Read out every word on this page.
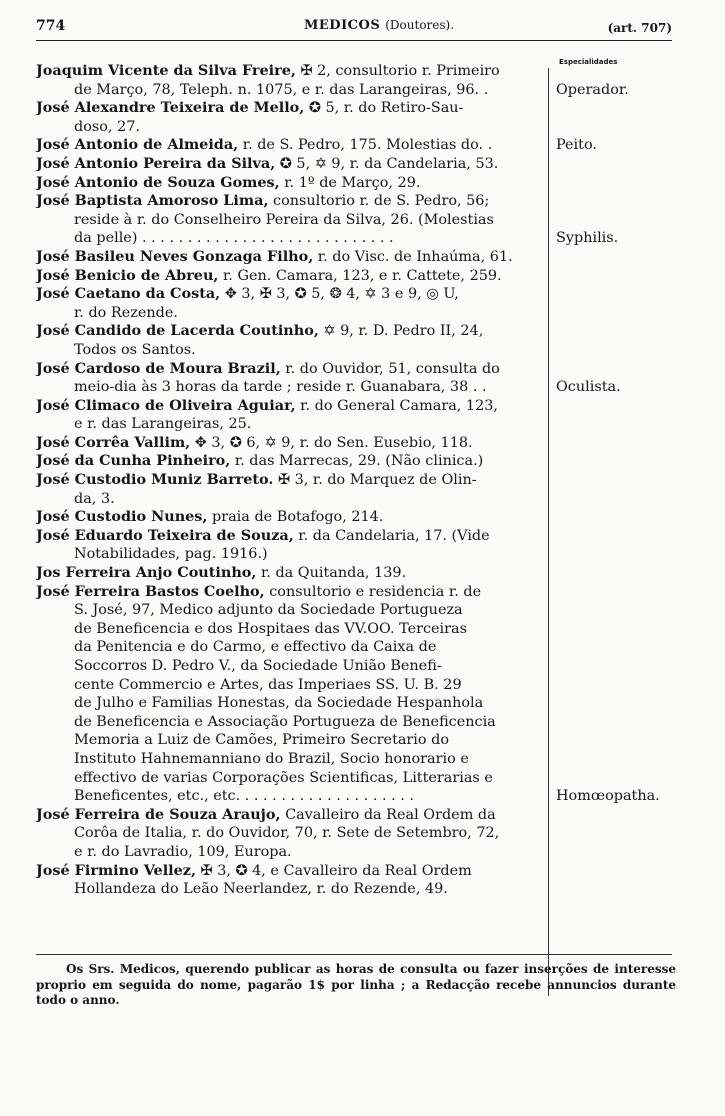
774	MEDICOS (Doutores).	(art. 707)
Especialidades
Joaquim Vicente da Silva Freire, ✠ 2, consultorio r. Primeiro
de Março, 78, Teleph. n. 1075, e r. das Larangeiras, 96. .	Operador.
José Alexandre Teixeira de Mello, ✪ 5, r. do Retiro-Sau-
doso, 27.
José Antonio de Almeida, r. de S. Pedro, 175. Molestias do. .	Peito.
José Antonio Pereira da Silva, ✪ 5, ✡ 9, r. da Candelaria, 53.
José Antonio de Souza Gomes, r. 1º de Março, 29.
José Baptista Amoroso Lima, consultorio r. de S. Pedro, 56;
reside à r. do Conselheiro Pereira da Silva, 26. (Molestias
da pelle) . . . . . . . . . . . . . . . . . . . . . . . . . . . .	Syphilis.
José Basileu Neves Gonzaga Filho, r. do Visc. de Inhaúma, 61.
José Benicio de Abreu, r. Gen. Camara, 123, e r. Cattete, 259.
José Caetano da Costa, ✥ 3, ✠ 3, ✪ 5, ❂ 4, ✡ 3 e 9, ◎ U,
r. do Rezende.
José Candido de Lacerda Coutinho, ✡ 9, r. D. Pedro II, 24,
Todos os Santos.
José Cardoso de Moura Brazil, r. do Ouvidor, 51, consulta do
meio-dia às 3 horas da tarde ; reside r. Guanabara, 38 . .	Oculista.
José Climaco de Oliveira Aguiar, r. do General Camara, 123,
e r. das Larangeiras, 25.
José Corrêa Vallim, ✥ 3, ✪ 6, ✡ 9, r. do Sen. Eusebio, 118.
José da Cunha Pinheiro, r. das Marrecas, 29. (Não clinica.)
José Custodio Muniz Barreto. ✠ 3, r. do Marquez de Olin-
da, 3.
José Custodio Nunes, praia de Botafogo, 214.
José Eduardo Teixeira de Souza, r. da Candelaria, 17. (Vide
Notabilidades, pag. 1916.)
Jos Ferreira Anjo Coutinho, r. da Quitanda, 139.
José Ferreira Bastos Coelho, consultorio e residencia r. de
S. José, 97, Medico adjunto da Sociedade Portugueza
de Beneficencia e dos Hospitaes das VV.OO. Terceiras
da Penitencia e do Carmo, e effectivo da Caixa de
Soccorros D. Pedro V., da Sociedade União Benefi-
cente Commercio e Artes, das Imperiaes SS. U. B. 29
de Julho e Familias Honestas, da Sociedade Hespanhola
de Beneficencia e Associação Portugueza de Beneficencia
Memoria a Luiz de Camões, Primeiro Secretario do
Instituto Hahnemanniano do Brazil, Socio honorario e
effectivo de varias Corporações Scientificas, Litterarias e
Beneficentes, etc., etc. . . . . . . . . . . . . . . . . . . .	Homœopatha.
José Ferreira de Souza Araujo, Cavalleiro da Real Ordem da
Corôa de Italia, r. do Ouvidor, 70, r. Sete de Setembro, 72,
e r. do Lavradio, 109, Europa.
José Firmino Vellez, ✠ 3, ✪ 4, e Cavalleiro da Real Ordem
Hollandeza do Leão Neerlandez, r. do Rezende, 49.
Os Srs. Medicos, querendo publicar as horas de consulta ou fazer inserções de interesse proprio em seguida do nome, pagarão 1$ por linha ; a Redacção recebe annuncios durante todo o anno.
